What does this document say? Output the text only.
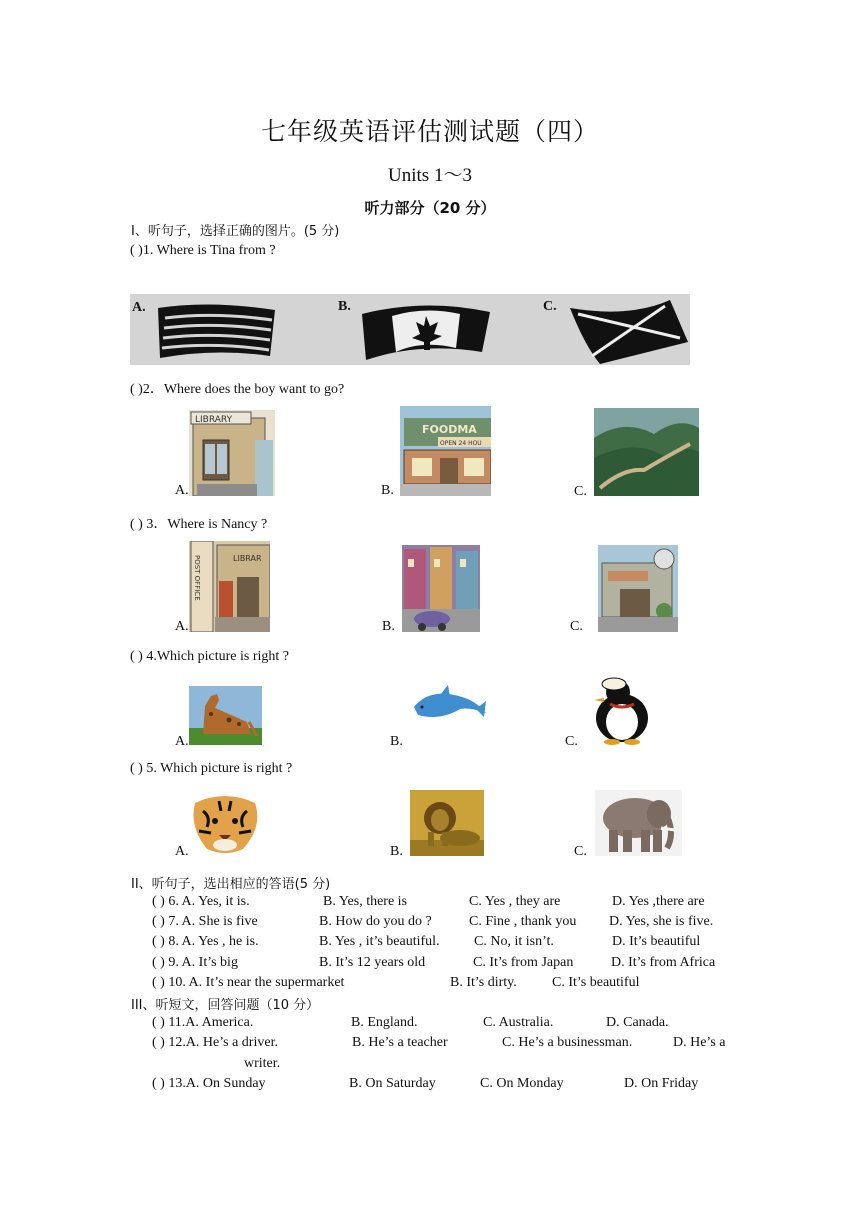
七年级英语评估测试题（四）
Units 1～3
听力部分（20 分）
Ⅰ、听句子，选择正确的图片。(5 分)
( )1. Where is Tina from ?
A.	B.	C.
( )2．Where does the boy want to go?
A.
LIBRARY
B.
FOODMA
OPEN 24 HOU
C.
( ) 3．Where is Nancy ?
A.
POST OFFICE	LIBRAR
B.	C.
( ) 4.Which picture is right ?
A.	B.	C.
( ) 5. Which picture is right ?
A.	B.	C.
II、听句子，选出相应的答语(5 分)
( ) 6. A. Yes, it is.	B. Yes, there is	C. Yes , they are	D. Yes ,there are
( ) 7. A. She is five	B. How do you do ?	C. Fine , thank you D. Yes, she is five.
( ) 8. A. Yes , he is.	B. Yes , it’s beautiful. C. No, it isn’t.	D. It’s beautiful
( ) 9. A. It’s big	B. It’s 12 years old	C. It’s from Japan	D. It’s from Africa
( ) 10. A. It’s near the supermarket	B. It’s dirty.	C. It’s beautiful
III、听短文，回答问题（10 分）
( ) 11.A. America.	B. England.	C. Australia.	D. Canada.
( ) 12.A. He’s a driver.	B. He’s a teacher	C. He’s a businessman.	D. He’s a
writer.
( ) 13.A. On Sunday	B. On Saturday	C. On Monday	D. On Friday
